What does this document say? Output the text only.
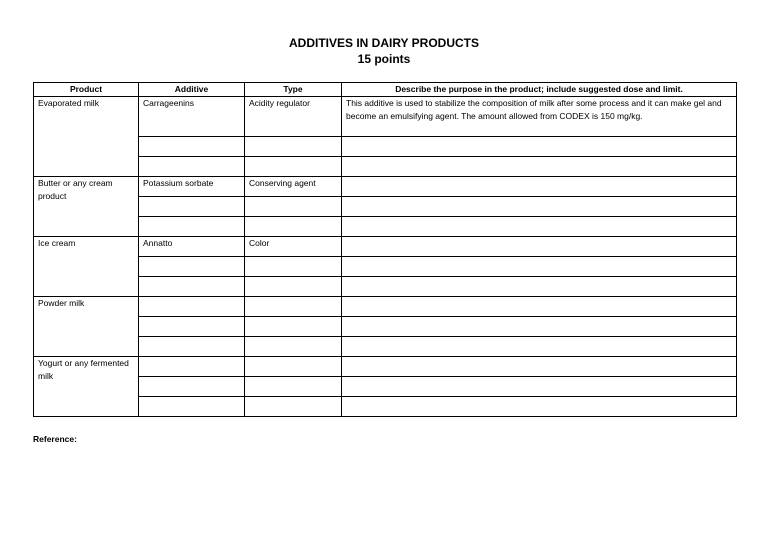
ADDITIVES IN DAIRY PRODUCTS
15 points
Product	Additive	Type	Describe the purpose in the product; include suggested dose and limit.
Evaporated milk	Carrageenins	Acidity regulator	This additive is used to stabilize the composition of milk after some process and it can make gel and become an emulsifying agent. The amount allowed from CODEX is 150 mg/kg.

Butter or any cream product	Potassium sorbate	Conserving agent	

Ice cream	Annatto	Color	

Powder milk			

Yogurt or any fermented milk			

Reference:
